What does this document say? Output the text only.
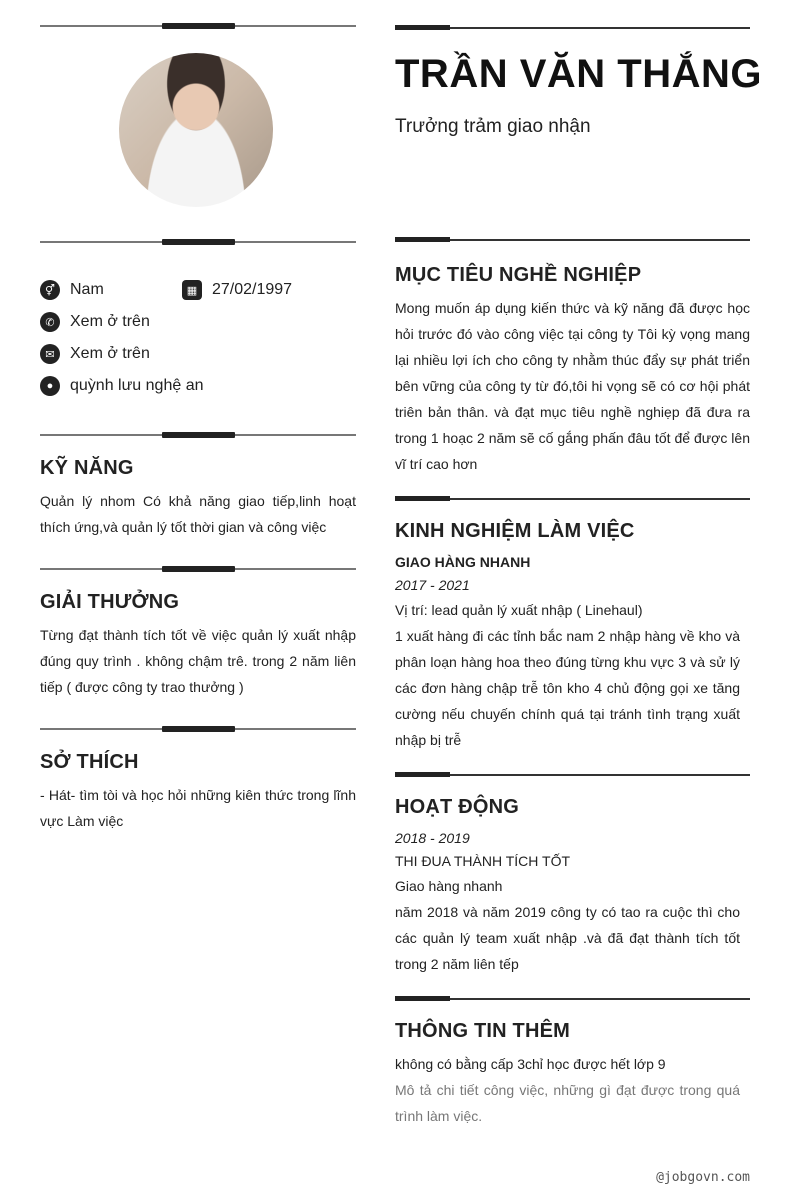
⚥ Nam	▦ 27/02/1997
✆ Xem ở trên
✉ Xem ở trên
●	quỳnh lưu nghệ an
KỸ NĂNG
Quản lý nhom Có khả năng giao tiếp,linh hoạt thích ứng,và quản lý tốt thời gian và công việc
GIẢI THƯỞNG
Từng đạt thành tích tốt về việc quản lý xuất nhập đúng quy trình . không chậm trê. trong 2 năm liên tiếp ( được công ty trao thưởng )
SỞ THÍCH
- Hát- tìm tòi và học hỏi những kiên thức trong lĩnh vực Làm việc
TRẦN VĂN THẮNG
Trưởng trảm giao nhận
MỤC TIÊU NGHỀ NGHIỆP
Mong muốn áp dụng kiến thức và kỹ năng đã được học hỏi trước đó vào công việc tại công ty Tôi kỳ vọng mang lại nhiều lợi ích cho công ty nhằm thúc đẩy sự phát triển bên vững của công ty từ đó,tôi hi vọng sẽ có cơ hội phát triên bản thân. và đạt mục tiêu nghề nghiẹp đã đưa ra trong 1 hoạc 2 năm sẽ cố gắng phấn đâu tốt để được lên vĩ trí cao hơn
KINH NGHIỆM LÀM VIỆC
GIAO HÀNG NHANH
2017 - 2021
Vị trí: lead quản lý xuất nhập ( Linehaul)
1 xuất hàng đi các tỉnh bắc nam 2 nhập hàng về kho và phân loạn hàng hoa theo đúng từng khu vực 3 và sử lý các đơn hàng chập trễ tôn kho 4 chủ động gọi xe tăng cường nếu chuyến chính quá tại tránh tình trạng xuất nhập bị trễ
HOẠT ĐỘNG
2018 - 2019
THI ĐUA THÀNH TÍCH TỐT
Giao hàng nhanh
năm 2018 và năm 2019 công ty có tao ra cuộc thì cho các quản lý team xuất nhập .và đã đạt thành tích tốt trong 2 năm liên tếp
THÔNG TIN THÊM
không có bằng cấp 3chỉ học được hết lớp 9
Mô tả chi tiết công việc, những gì đạt được trong quá trình làm việc.
@jobgovn.com
